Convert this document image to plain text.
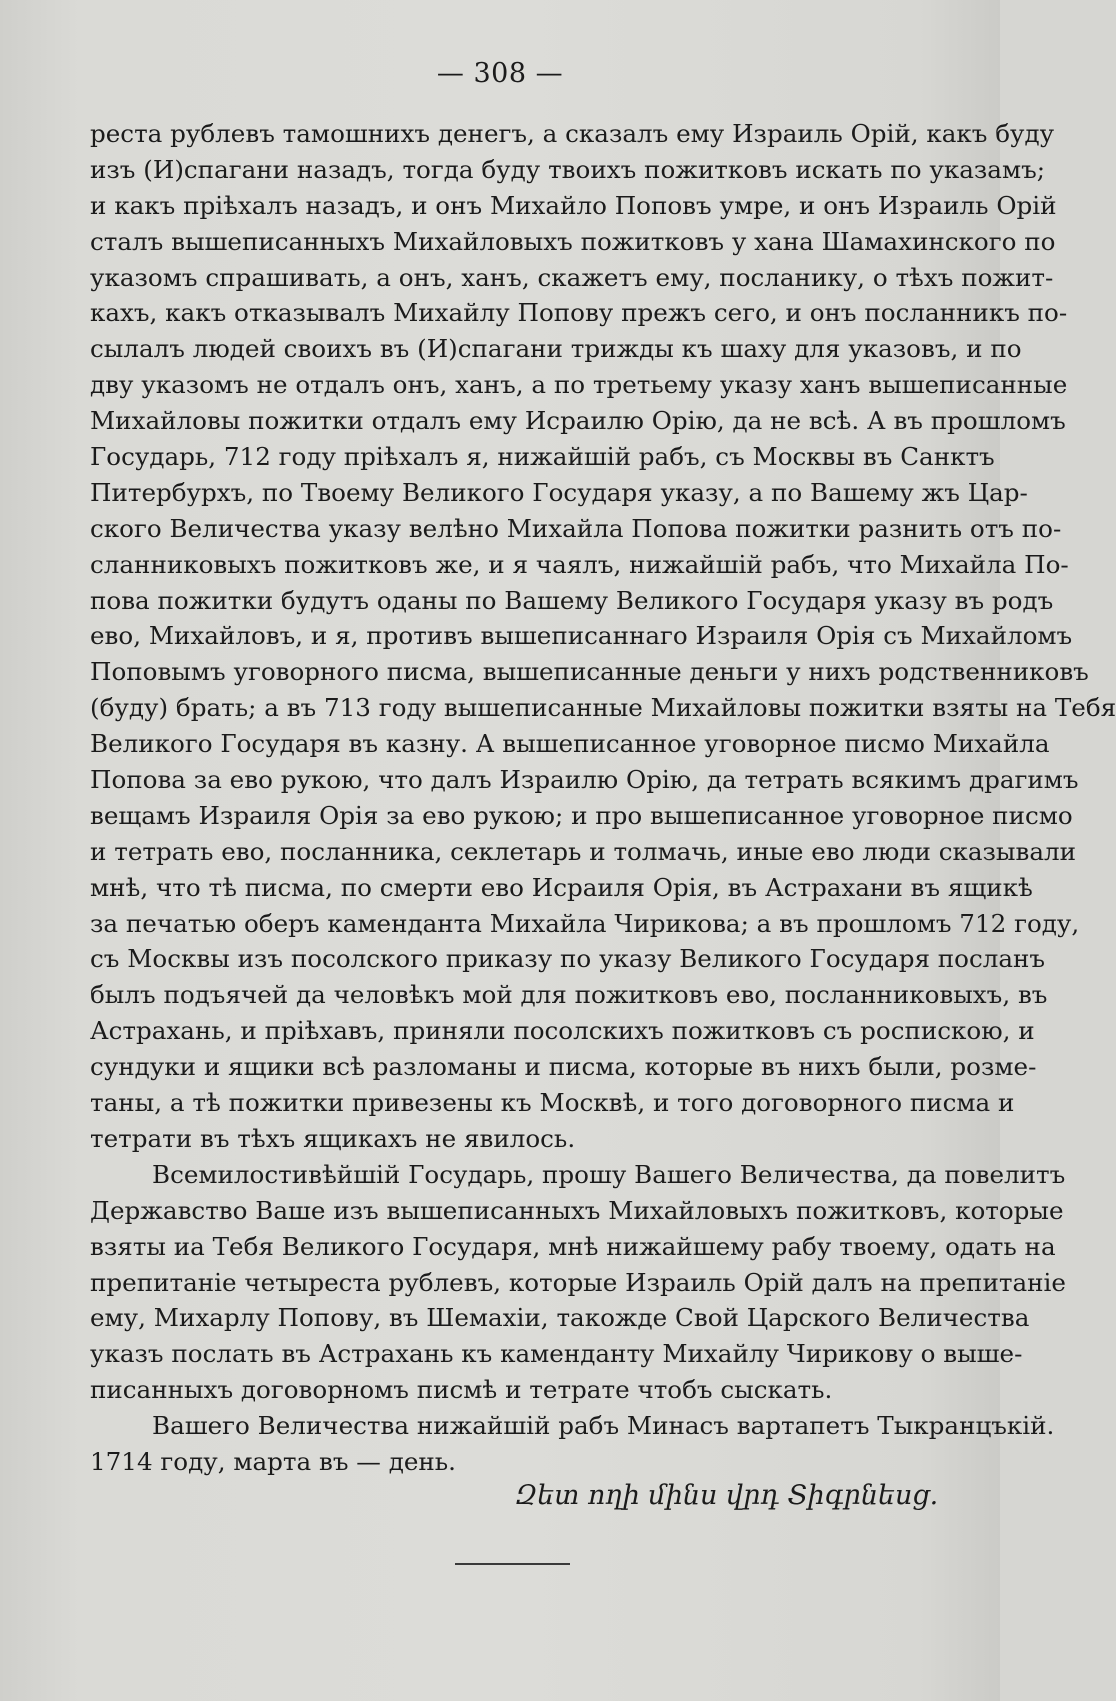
— 308 —
реста рублевъ тамошнихъ денегъ, а сказалъ ему Израиль Орій, какъ буду
изъ (И)спагани назадъ, тогда буду твоихъ пожитковъ искать по указамъ;
и какъ пріѣхалъ назадъ, и онъ Михайло Поповъ умре, и онъ Израиль Орій
сталъ вышеписанныхъ Михайловыхъ пожитковъ у хана Шамахинского по
указомъ спрашивать, а онъ, ханъ, скажетъ ему, посланику, о тѣхъ пожит-
кахъ, какъ отказывалъ Михайлу Попову прежъ сего, и онъ посланникъ по-
сылалъ людей своихъ въ (И)спагани трижды къ шаху для указовъ, и по
дву указомъ не отдалъ онъ, ханъ, а по третьему указу ханъ вышеписанные
Михайловы пожитки отдалъ ему Исраилю Орію, да не всѣ. А въ прошломъ
Государь, 712 году пріѣхалъ я, нижайшій рабъ, съ Москвы въ Санктъ
Питербурхъ, по Твоему Великого Государя указу, а по Вашему жъ Цар-
ского Величества указу велѣно Михайла Попова пожитки разнить отъ по-
сланниковыхъ пожитковъ же, и я чаялъ, нижайшій рабъ, что Михайла По-
пова пожитки будутъ оданы по Вашему Великого Государя указу въ родъ
ево, Михайловъ, и я, противъ вышеписаннаго Израиля Орія съ Михайломъ
Поповымъ уговорного писма, вышеписанные деньги у нихъ родственниковъ
(буду) брать; а въ 713 году вышеписанные Михайловы пожитки взяты на Тебя
Великого Государя въ казну. А вышеписанное уговорное писмо Михайла
Попова за ево рукою, что далъ Израилю Орію, да тетрать всякимъ драгимъ
вещамъ Израиля Орія за ево рукою; и про вышеписанное уговорное писмо
и тетрать ево, посланника, секлетарь и толмачь, иные ево люди сказывали
мнѣ, что тѣ писма, по смерти ево Исраиля Орія, въ Астрахани въ ящикѣ
за печатью оберъ камендaнта Михайла Чирикова; а въ прошломъ 712 году,
съ Москвы изъ посолского приказу по указу Великого Государя посланъ
былъ подъячей да человѣкъ мой для пожитковъ ево, посланниковыхъ, въ
Астрахань, и пріѣхавъ, приняли посолскихъ пожитковъ съ роспискою, и
сундуки и ящики всѣ разломаны и писма, которые въ нихъ были, розме-
таны, а тѣ пожитки привезены къ Москвѣ, и того договорного писма и
тетрати въ тѣхъ ящикахъ не явилось.
Всемилостивѣйшій Государь, прошу Вашего Величества, да повелитъ
Державство Ваше изъ вышеписанныхъ Михайловыхъ пожитковъ, которые
взяты иа Тебя Великого Государя, мнѣ нижайшему рабу твоему, одать на
препитаніе четыреста рублевъ, которые Израиль Орій далъ на препитаніе
ему, Михарлу Попову, въ Шемахіи, такожде Свой Царского Величества
указъ послать въ Астрахань къ камендaнту Михайлу Чирикову о выше-
писанныхъ договорномъ писмѣ и тетрате чтобъ сыскать.
Вашего Величества нижайшій рабъ Минасъ вартапетъ Тыкранцъкій.
1714 году, марта въ — день.
Զետ ողի մինս վրդ Տիգրնեսց.
